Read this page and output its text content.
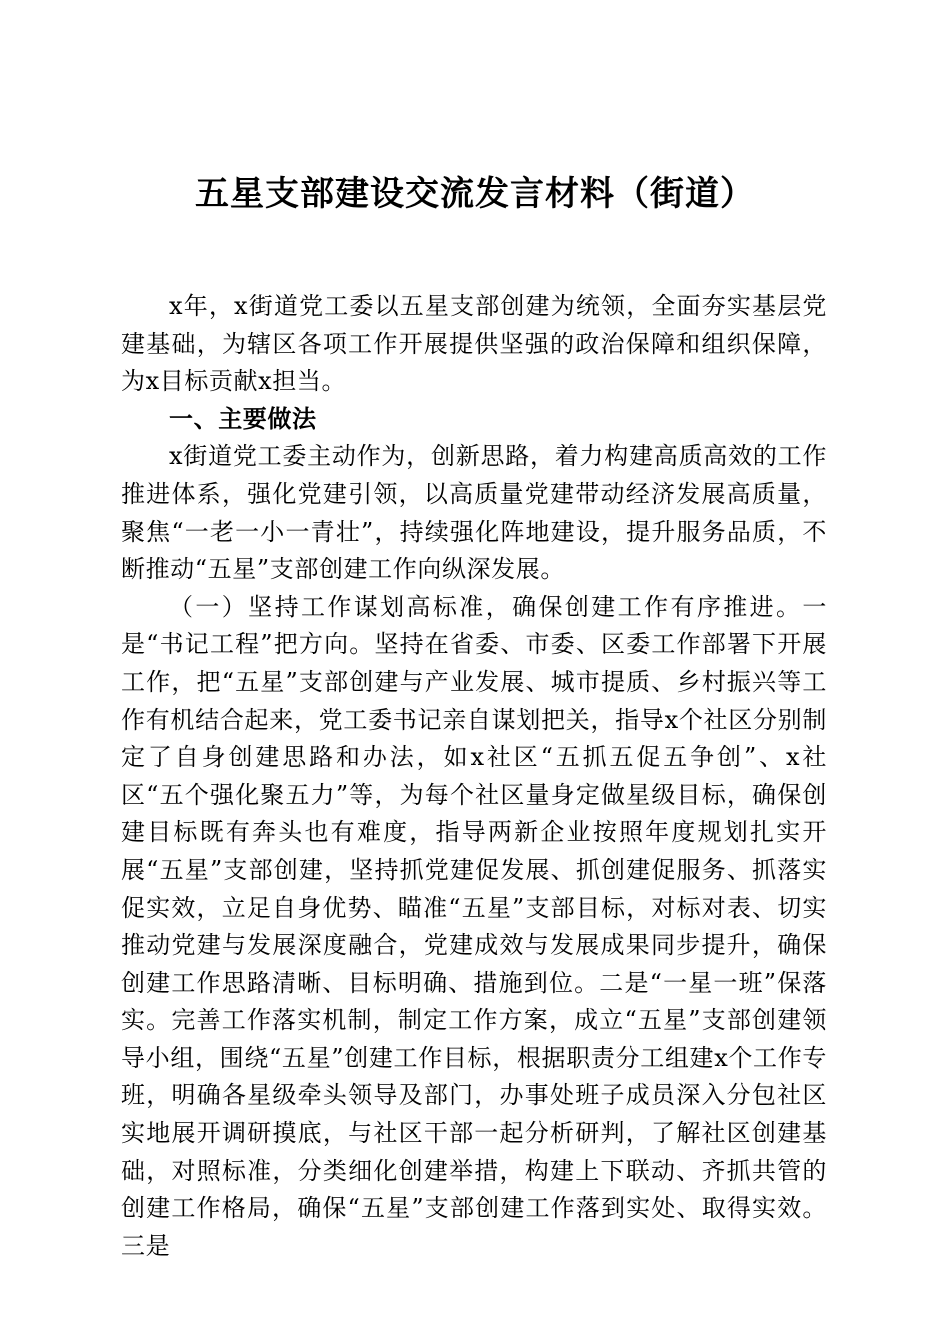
五星支部建设交流发言材料（街道）

x年，x街道党工委以五星支部创建为统领，全面夯实基层党建基础，为辖区各项工作开展提供坚强的政治保障和组织保障，为x目标贡献x担当。

一、主要做法

x街道党工委主动作为，创新思路，着力构建高质高效的工作推进体系，强化党建引领，以高质量党建带动经济发展高质量，聚焦“一老一小一青壮”，持续强化阵地建设，提升服务品质，不断推动“五星”支部创建工作向纵深发展。

（一）坚持工作谋划高标准，确保创建工作有序推进。一是“书记工程”把方向。坚持在省委、市委、区委工作部署下开展工作，把“五星”支部创建与产业发展、城市提质、乡村振兴等工作有机结合起来，党工委书记亲自谋划把关，指导x个社区分别制定了自身创建思路和办法，如x社区“五抓五促五争创”、x社区“五个强化聚五力”等，为每个社区量身定做星级目标，确保创建目标既有奔头也有难度，指导两新企业按照年度规划扎实开展“五星”支部创建，坚持抓党建促发展、抓创建促服务、抓落实促实效，立足自身优势、瞄准“五星”支部目标，对标对表、切实推动党建与发展深度融合，党建成效与发展成果同步提升，确保创建工作思路清晰、目标明确、措施到位。二是“一星一班”保落实。完善工作落实机制，制定工作方案，成立“五星”支部创建领导小组，围绕“五星”创建工作目标，根据职责分工组建x个工作专班，明确各星级牵头领导及部门，办事处班子成员深入分包社区实地展开调研摸底，与社区干部一起分析研判，了解社区创建基础，对照标准，分类细化创建举措，构建上下联动、齐抓共管的创建工作格局，确保“五星”支部创建工作落到实处、取得实效。三是
